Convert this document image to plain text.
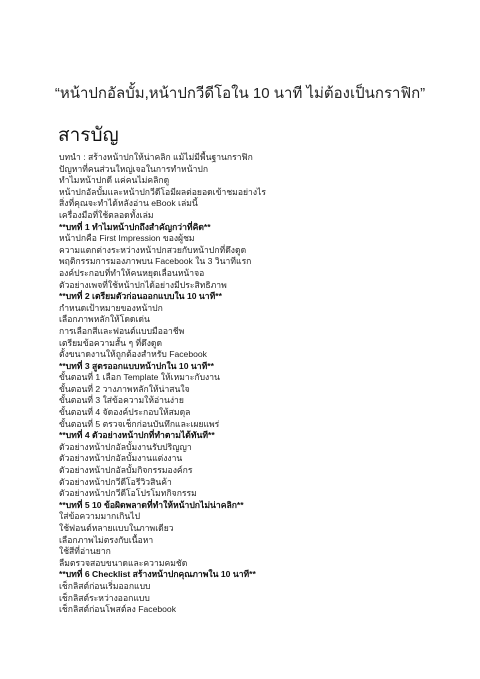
“หน้าปกอัลบั้ม,หน้าปกวีดีโอใน 10 นาที ไม่ต้องเป็นกราฟิก”
สารบัญ
บทนำ : สร้างหน้าปกให้น่าคลิก แม้ไม่มีพื้นฐานกราฟิก
ปัญหาที่คนส่วนใหญ่เจอในการทำหน้าปก
ทำไมหน้าปกดี แค่คนไม่คลิกดู
หน้าปกอัลบั้มและหน้าปกวีดีโอมีผลต่อยอดเข้าชมอย่างไร
สิ่งที่คุณจะทำได้หลังอ่าน eBook เล่มนี้
เครื่องมือที่ใช้ตลอดทั้งเล่ม
**บทที่ 1 ทำไมหน้าปกถึงสำคัญกว่าที่คิด**
หน้าปกคือ First Impression ของผู้ชม
ความแตกต่างระหว่างหน้าปกสวยกับหน้าปกที่ดึงดูด
พฤติกรรมการมองภาพบน Facebook ใน 3 วินาทีแรก
องค์ประกอบที่ทำให้คนหยุดเลื่อนหน้าจอ
ตัวอย่างเพจที่ใช้หน้าปกได้อย่างมีประสิทธิภาพ
**บทที่ 2 เตรียมตัวก่อนออกแบบใน 10 นาที**
กำหนดเป้าหมายของหน้าปก
เลือกภาพหลักให้โดดเด่น
การเลือกสีและฟอนต์แบบมืออาชีพ
เตรียมข้อความสั้น ๆ ที่ดึงดูด
ตั้งขนาดงานให้ถูกต้องสำหรับ Facebook
**บทที่ 3 สูตรออกแบบหน้าปกใน 10 นาที**
ขั้นตอนที่ 1 เลือก Template ให้เหมาะกับงาน
ขั้นตอนที่ 2 วางภาพหลักให้น่าสนใจ
ขั้นตอนที่ 3 ใส่ข้อความให้อ่านง่าย
ขั้นตอนที่ 4 จัดองค์ประกอบให้สมดุล
ขั้นตอนที่ 5 ตรวจเช็กก่อนบันทึกและเผยแพร่
**บทที่ 4 ตัวอย่างหน้าปกที่ทำตามได้ทันที**
ตัวอย่างหน้าปกอัลบั้มงานรับปริญญา
ตัวอย่างหน้าปกอัลบั้มงานแต่งงาน
ตัวอย่างหน้าปกอัลบั้มกิจกรรมองค์กร
ตัวอย่างหน้าปกวีดีโอรีวิวสินค้า
ตัวอย่างหน้าปกวีดีโอโปรโมทกิจกรรม
**บทที่ 5 10 ข้อผิดพลาดที่ทำให้หน้าปกไม่น่าคลิก**
ใส่ข้อความมากเกินไป
ใช้ฟอนต์หลายแบบในภาพเดียว
เลือกภาพไม่ตรงกับเนื้อหา
ใช้สีที่อ่านยาก
ลืมตรวจสอบขนาดและความคมชัด
**บทที่ 6 Checklist สร้างหน้าปกคุณภาพใน 10 นาที**
เช็กลิสต์ก่อนเริ่มออกแบบ
เช็กลิสต์ระหว่างออกแบบ
เช็กลิสต์ก่อนโพสต์ลง Facebook
